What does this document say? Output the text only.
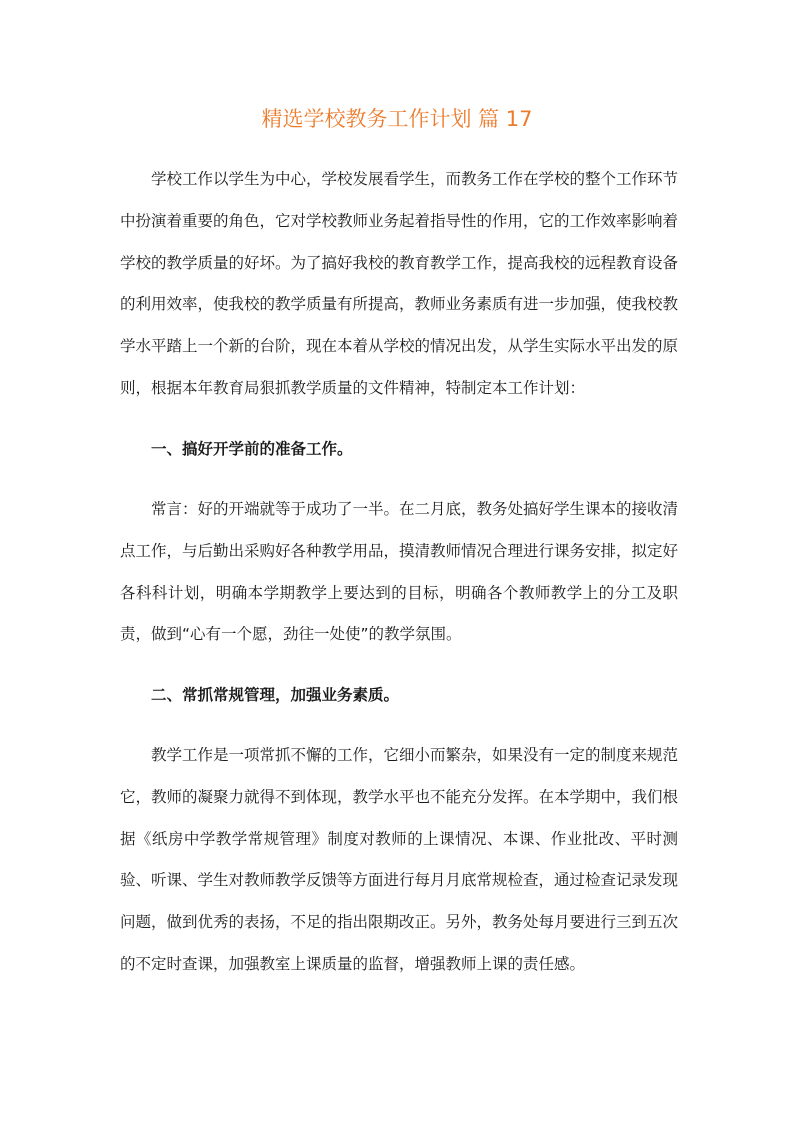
精选学校教务工作计划 篇 17

学校工作以学生为中心，学校发展看学生，而教务工作在学校的整个工作环节中扮演着重要的角色，它对学校教师业务起着指导性的作用，它的工作效率影响着学校的教学质量的好坏。为了搞好我校的教育教学工作，提高我校的远程教育设备的利用效率，使我校的教学质量有所提高，教师业务素质有进一步加强，使我校教学水平踏上一个新的台阶，现在本着从学校的情况出发，从学生实际水平出发的原则，根据本年教育局狠抓教学质量的文件精神，特制定本工作计划：

一、搞好开学前的准备工作。

常言：好的开端就等于成功了一半。在二月底，教务处搞好学生课本的接收清点工作，与后勤出采购好各种教学用品，摸清教师情况合理进行课务安排，拟定好各科科计划，明确本学期教学上要达到的目标，明确各个教师教学上的分工及职责，做到“心有一个愿，劲往一处使”的教学氛围。

二、常抓常规管理，加强业务素质。

教学工作是一项常抓不懈的工作，它细小而繁杂，如果没有一定的制度来规范它，教师的凝聚力就得不到体现，教学水平也不能充分发挥。在本学期中，我们根据《纸房中学教学常规管理》制度对教师的上课情况、本课、作业批改、平时测验、听课、学生对教师教学反馈等方面进行每月月底常规检查，通过检查记录发现问题，做到优秀的表扬，不足的指出限期改正。另外，教务处每月要进行三到五次的不定时查课，加强教室上课质量的监督，增强教师上课的责任感。
